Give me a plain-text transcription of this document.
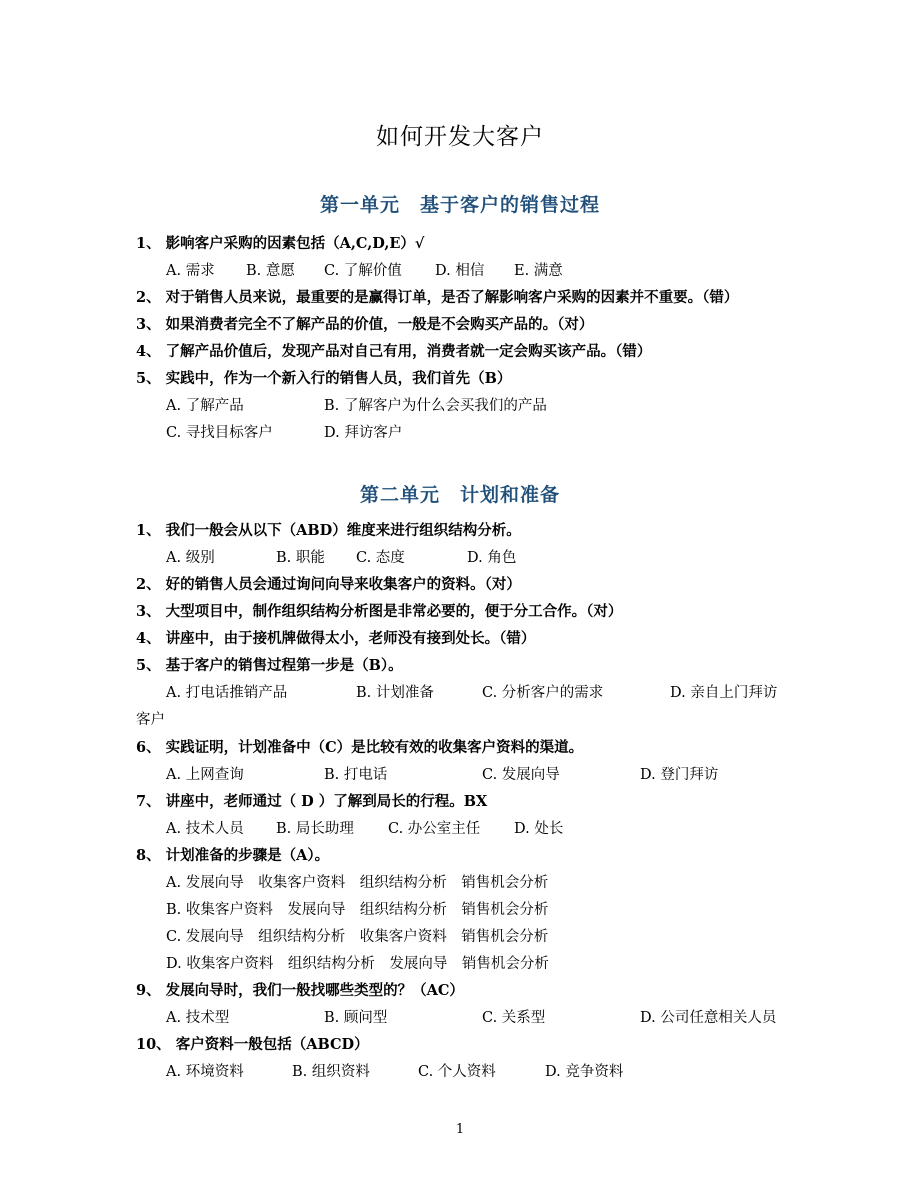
如何开发大客户
第一单元　基于客户的销售过程
1、 影响客户采购的因素包括（A,C,D,E）√
A. 需求 B. 意愿 C. 了解价值 D. 相信 E. 满意
2、 对于销售人员来说，最重要的是赢得订单，是否了解影响客户采购的因素并不重要。（错）
3、 如果消费者完全不了解产品的价值，一般是不会购买产品的。（对）
4、 了解产品价值后，发现产品对自己有用，消费者就一定会购买该产品。（错）
5、 实践中，作为一个新入行的销售人员，我们首先（B）
A. 了解产品	B. 了解客户为什么会买我们的产品
C. 寻找目标客户	D. 拜访客户
第二单元　计划和准备
1、 我们一般会从以下（ABD）维度来进行组织结构分析。
A. 级别	B. 职能 C. 态度	D. 角色
2、 好的销售人员会通过询问向导来收集客户的资料。（对）
3、 大型项目中，制作组织结构分析图是非常必要的，便于分工合作。（对）
4、 讲座中，由于接机牌做得太小，老师没有接到处长。（错）
5、 基于客户的销售过程第一步是（B）。
A. 打电话推销产品	B. 计划准备	C. 分析客户的需求	D. 亲自上门拜访
客户
6、 实践证明，计划准备中（C）是比较有效的收集客户资料的渠道。
A. 上网查询	B. 打电话	C. 发展向导	D. 登门拜访
7、 讲座中，老师通过（ D ）了解到局长的行程。BX
A. 技术人员 B. 局长助理 C. 办公室主任 D. 处长
8、 计划准备的步骤是（A）。
A. 发展向导　收集客户资料　组织结构分析　销售机会分析
B. 收集客户资料　发展向导　组织结构分析　销售机会分析
C. 发展向导　组织结构分析　收集客户资料　销售机会分析
D. 收集客户资料　组织结构分析　发展向导　销售机会分析
9、 发展向导时，我们一般找哪些类型的？（AC）
A. 技术型	B. 顾问型	C. 关系型	D. 公司任意相关人员
10、 客户资料一般包括（ABCD）
A. 环境资料	B. 组织资料	C. 个人资料	D. 竞争资料
1
